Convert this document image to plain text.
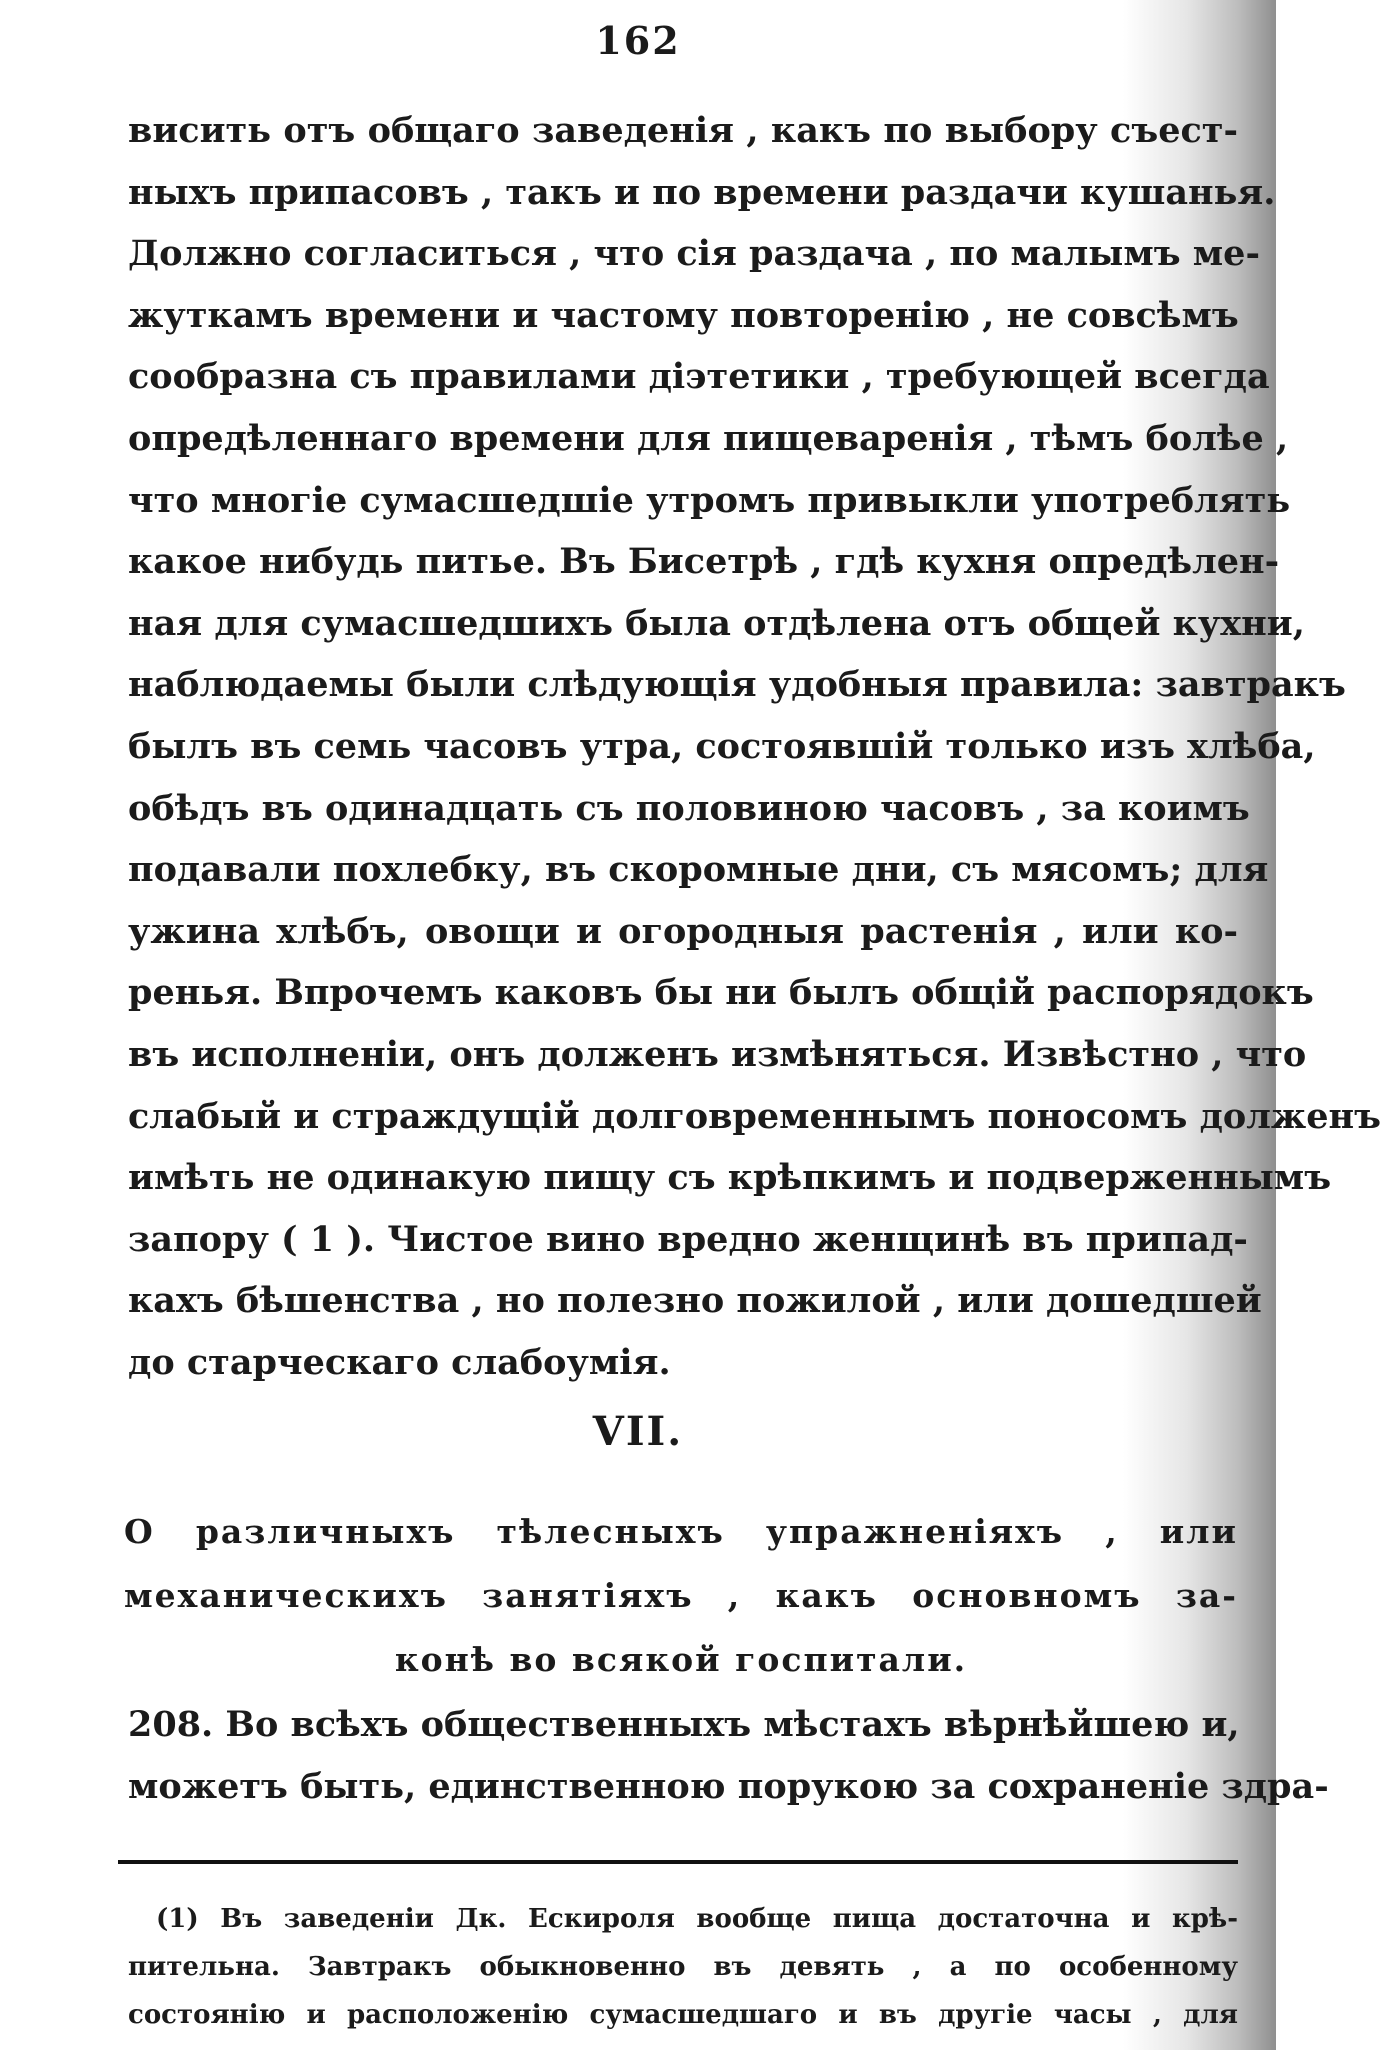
162
висить отъ общаго заведенія , какъ по выбору съест-
ныхъ припасовъ , такъ и по времени раздачи кушанья.
Должно согласиться , что сія раздача , по малымъ ме-
жуткамъ времени и частому повторенію , не совсѣмъ
сообразна съ правилами діэтетики , требующей всегда
опредѣленнаго времени для пищеваренія , тѣмъ болѣе ,
что многіе сумасшедшіе утромъ привыкли употреблять
какое нибудь питье. Въ Бисетрѣ , гдѣ кухня опредѣлен-
ная для сумасшедшихъ была отдѣлена отъ общей кухни,
наблюдаемы были слѣдующія удобныя правила: завтракъ
былъ въ семь часовъ утра, состоявшій только изъ хлѣба,
обѣдъ въ одинадцать съ половиною часовъ , за коимъ
подавали похлебку, въ скоромные дни, съ мясомъ; для
ужина хлѣбъ, овощи и огородныя растенія , или ко-
ренья. Впрочемъ каковъ бы ни былъ общій распорядокъ
въ исполненіи, онъ долженъ измѣняться. Извѣстно , что
слабый и страждущій долговременнымъ поносомъ долженъ
имѣть не одинакую пищу съ крѣпкимъ и подверженнымъ
запору ( 1 ). Чистое вино вредно женщинѣ въ припад-
кахъ бѣшенства , но полезно пожилой , или дошедшей
до старческаго слабоумія.
VII.
О различныхъ тѣлесныхъ упражненіяхъ , или
механическихъ занятіяхъ , какъ основномъ за-
конѣ во всякой госпитали.
208. Во всѣхъ общественныхъ мѣстахъ вѣрнѣйшею и,
можетъ быть, единственною порукою за сохраненіе здра-
(1) Въ заведеніи Дк. Ескироля вообще пища достаточна и крѣ-
пительна. Завтракъ обыкновенно въ девять , а по особенному
состоянію и расположенію сумасшедшаго и въ другіе часы , для
